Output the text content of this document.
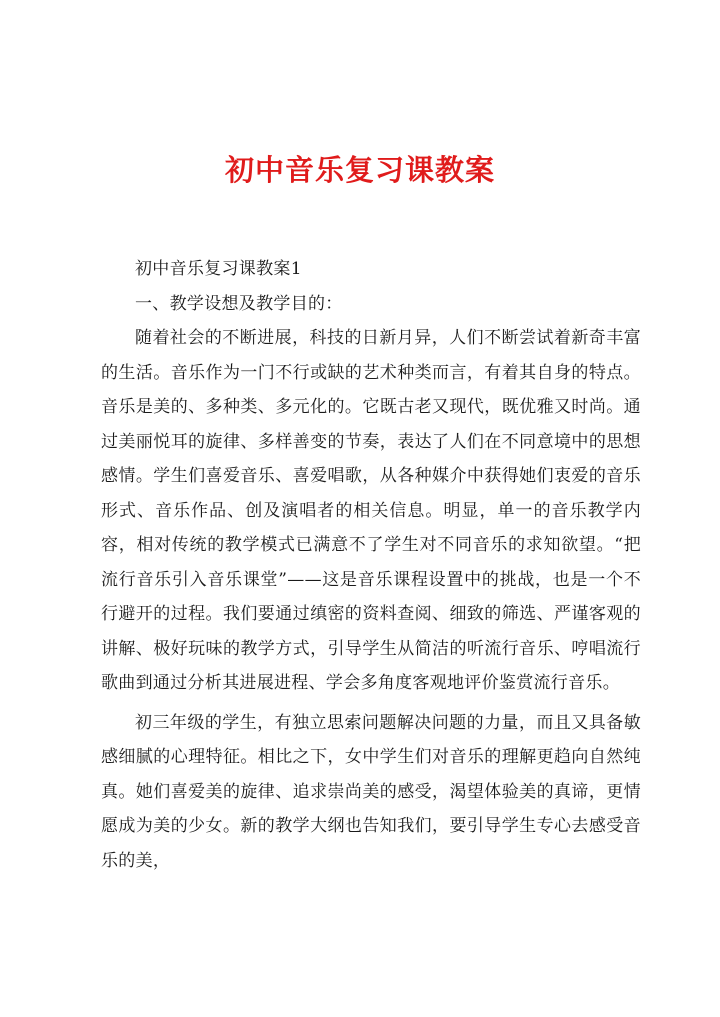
初中音乐复习课教案

初中音乐复习课教案1

一、教学设想及教学目的：

随着社会的不断进展，科技的日新月异，人们不断尝试着新奇丰富的生活。音乐作为一门不行或缺的艺术种类而言，有着其自身的特点。音乐是美的、多种类、多元化的。它既古老又现代，既优雅又时尚。通过美丽悦耳的旋律、多样善变的节奏，表达了人们在不同意境中的思想感情。学生们喜爱音乐、喜爱唱歌，从各种媒介中获得她们衷爱的音乐形式、音乐作品、创及演唱者的相关信息。明显，单一的音乐教学内容，相对传统的教学模式已满意不了学生对不同音乐的求知欲望。“把流行音乐引入音乐课堂”——这是音乐课程设置中的挑战，也是一个不行避开的过程。我们要通过缜密的资料查阅、细致的筛选、严谨客观的讲解、极好玩味的教学方式，引导学生从简洁的听流行音乐、哼唱流行歌曲到通过分析其进展进程、学会多角度客观地评价鉴赏流行音乐。

初三年级的学生，有独立思索问题解决问题的力量，而且又具备敏感细腻的心理特征。相比之下，女中学生们对音乐的理解更趋向自然纯真。她们喜爱美的旋律、追求崇尚美的感受，渴望体验美的真谛，更情愿成为美的少女。新的教学大纲也告知我们，要引导学生专心去感受音乐的美，
